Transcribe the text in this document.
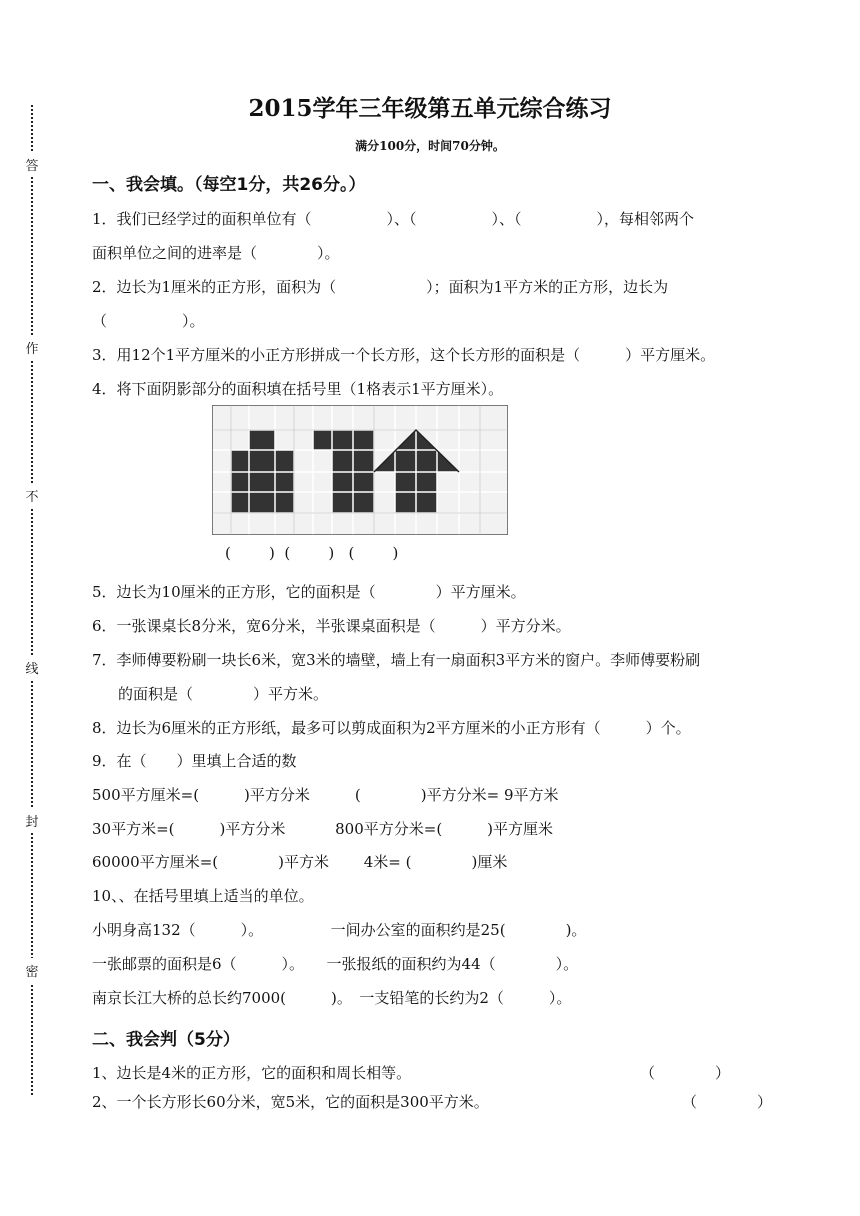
答
作
不
线
封
密
2015学年三年级第五单元综合练习
满分100分，时间70分钟。
一、我会填。（每空1分，共26分。）
1．我们已经学过的面积单位有（　　　　　）、（　　　　　）、（　　　　　），每相邻两个
面积单位之间的进率是（　　　　）。
2．边长为1厘米的正方形，面积为（　　　　　　）；面积为1平方米的正方形，边长为
（　　　　　）。
3．用12个1平方厘米的小正方形拼成一个长方形，这个长方形的面积是（　　　）平方厘米。
4．将下面阴影部分的面积填在括号里（1格表示1平方厘米）。
(        )  (        )   (        )
5．边长为10厘米的正方形，它的面积是（　　　　）平方厘米。
6．一张课桌长8分米，宽6分米，半张课桌面积是（　　　）平方分米。
7．李师傅要粉刷一块长6米，宽3米的墙壁，墙上有一扇面积3平方米的窗户。李师傅要粉刷
的面积是（　　　　）平方米。
8．边长为6厘米的正方形纸，最多可以剪成面积为2平方厘米的小正方形有（　　　）个。
9．在（　　）里填上合适的数
500平方厘米=(　　　)平方分米　　　(　　　　)平方分米= 9平方米
30平方米=(　　　)平方分米　　　 800平方分米=(　　　)平方厘米
60000平方厘米=(　　　　)平方米　　 4米= (　　　　)厘米
10、、在括号里填上适当的单位。
小明身高132（　　　）。　　　　　一间办公室的面积约是25(　　　　)。
一张邮票的面积是6（　　　）。　　一张报纸的面积约为44（　　　　）。
南京长江大桥的总长约7000(　　　)。　一支铅笔的长约为2（　　　）。
二、我会判（5分）
1、边长是4米的正方形，它的面积和周长相等。	（　　　　）
2、一个长方形长60分米，宽5米，它的面积是300平方米。	（　　　　）
